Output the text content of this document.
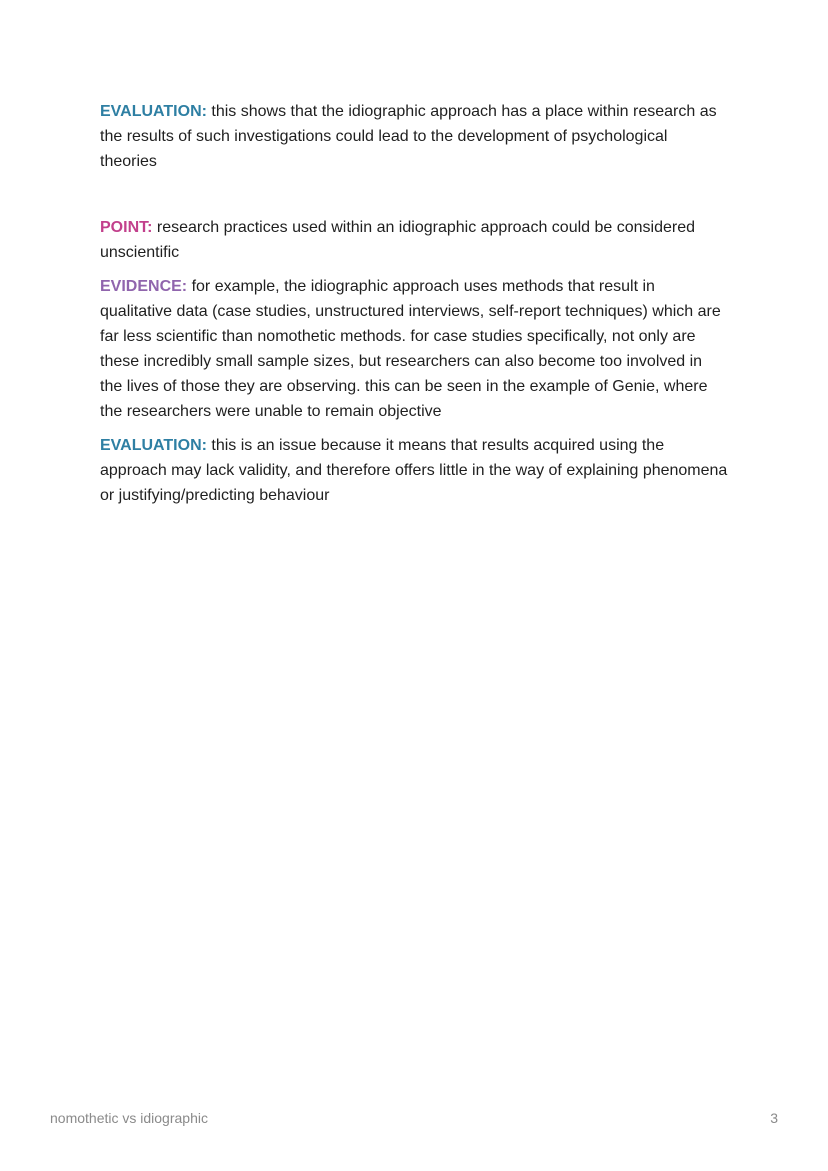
EVALUATION: this shows that the idiographic approach has a place within research as the results of such investigations could lead to the development of psychological theories

POINT: research practices used within an idiographic approach could be considered unscientific

EVIDENCE: for example, the idiographic approach uses methods that result in qualitative data (case studies, unstructured interviews, self-report techniques) which are far less scientific than nomothetic methods. for case studies specifically, not only are these incredibly small sample sizes, but researchers can also become too involved in the lives of those they are observing. this can be seen in the example of Genie, where the researchers were unable to remain objective

EVALUATION: this is an issue because it means that results acquired using the approach may lack validity, and therefore offers little in the way of explaining phenomena or justifying/predicting behaviour

nomothetic vs idiographic	3
